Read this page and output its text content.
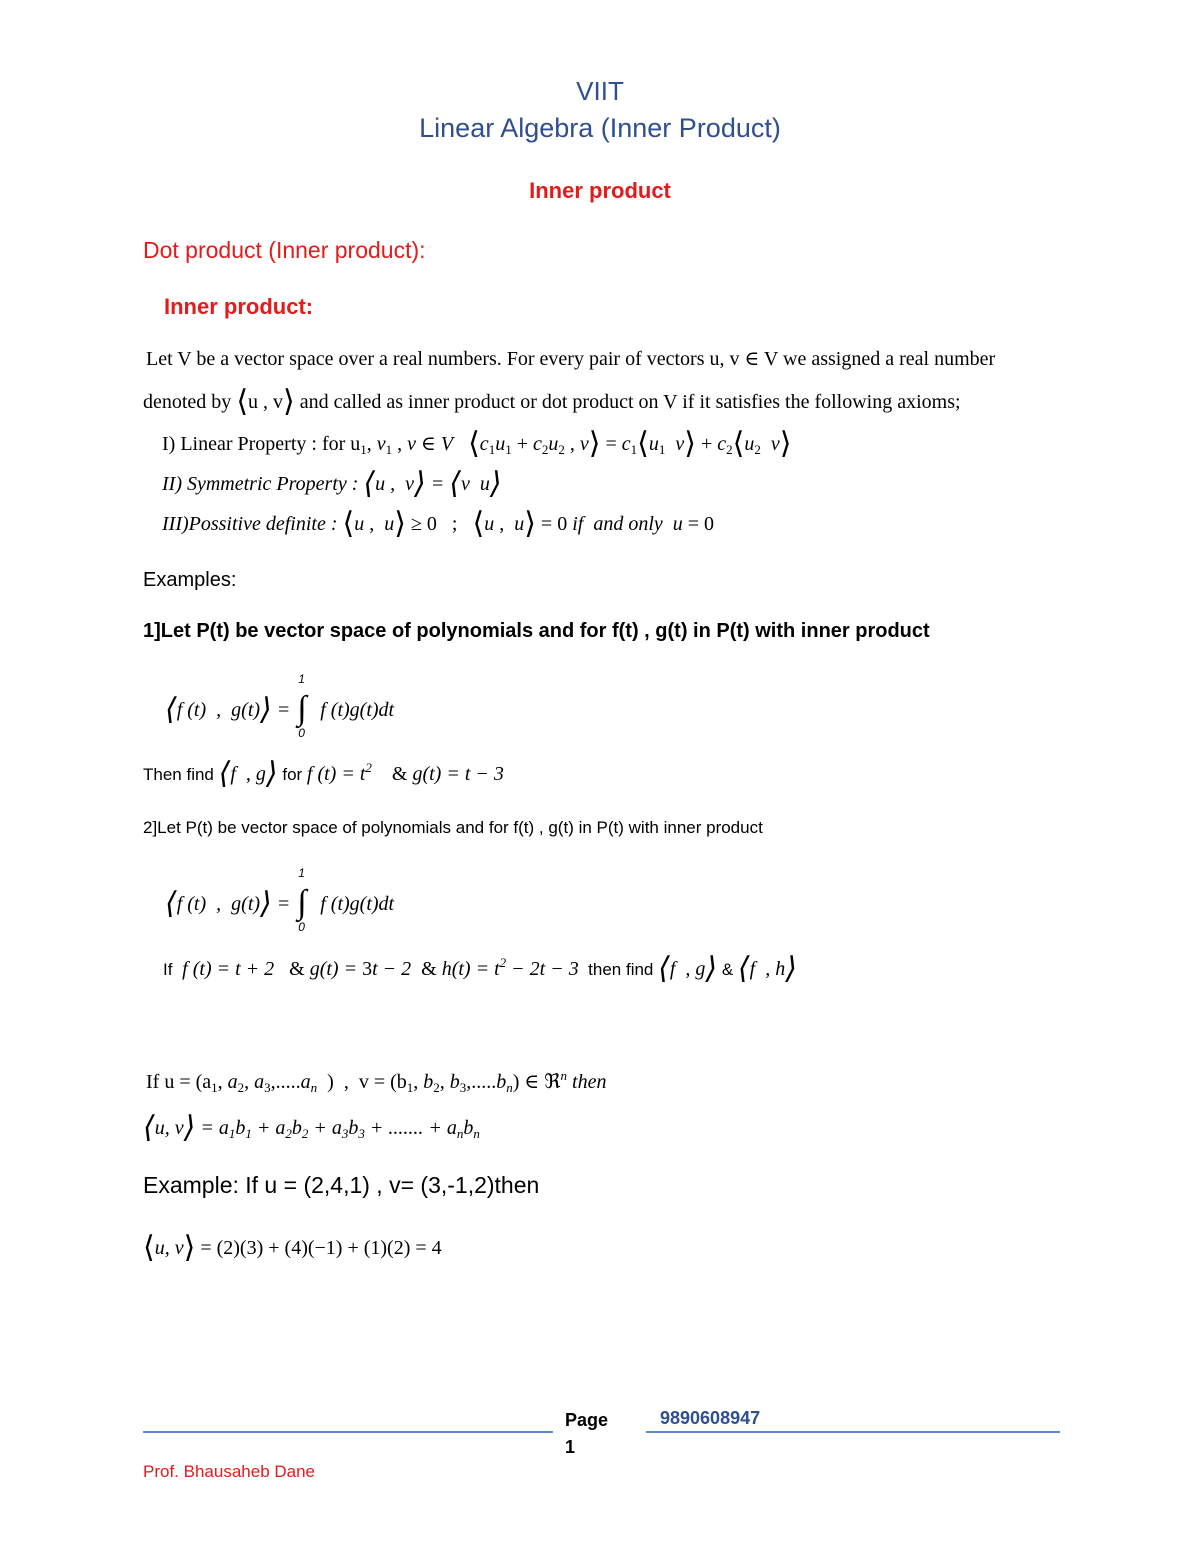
VIIT
Linear Algebra (Inner Product)
Inner product
Dot product (Inner product):
Inner product:
Let V be a vector space over a real numbers. For every pair of vectors u, v ∈ V we assigned a real number
denoted by ⟨u , v⟩ and called as inner product or dot product on V if it satisfies the following axioms;
I) Linear Property : for $u_1$, $v_1$ , v ∈ V $⟨c_1u_1 + c_2u_2$ , v⟩ = $c_1⟨u_1$ v⟩ + $c_2⟨u_2$ v⟩
II) Symmetric Property : ⟨u ,  v⟩ = ⟨v  u⟩
III)Possitive definite : ⟨u ,  u⟩ ≥ 0   ;   ⟨u ,  u⟩ = 0 if  and only  u = 0
Examples:
1]Let P(t) be vector space of polynomials and for f(t) , g(t) in P(t) with inner product
⟨f (t)  ,  g(t)⟩ =
1
∫
0
f (t)g(t)dt
Then find ⟨f  , g⟩ for f $(t) = t^2$ & g(t) = t − 3
2]Let P(t) be vector space of polynomials and for f(t) , g(t) in P(t) with inner product
⟨f (t)  ,  g(t)⟩ =
1
∫
0
f (t)g(t)dt
If  f (t) = t + 2   & g(t) = 3t − 2  & $h(t) = t^2 - 2t - 3$ then find ⟨f  , g⟩ & ⟨f  , h⟩
If $u = (a_1$, $a_2$, $a_3,.....a_n$  )  ,  $v = (b_1$, $b_2$, $b_3,.....b_n$) ∈ ℜ$^n$ then
⟨u, v⟩ = $a_1b_1 + a_2b_2 + a_3b_3$ + ....... + $a_nb_n$
Example: If u = (2,4,1) , v= (3,-1,2)then
⟨u, v⟩ = (2)(3) + (4)(−1) + (1)(2) = 4
Page
1
9890608947
Prof. Bhausaheb Dane
